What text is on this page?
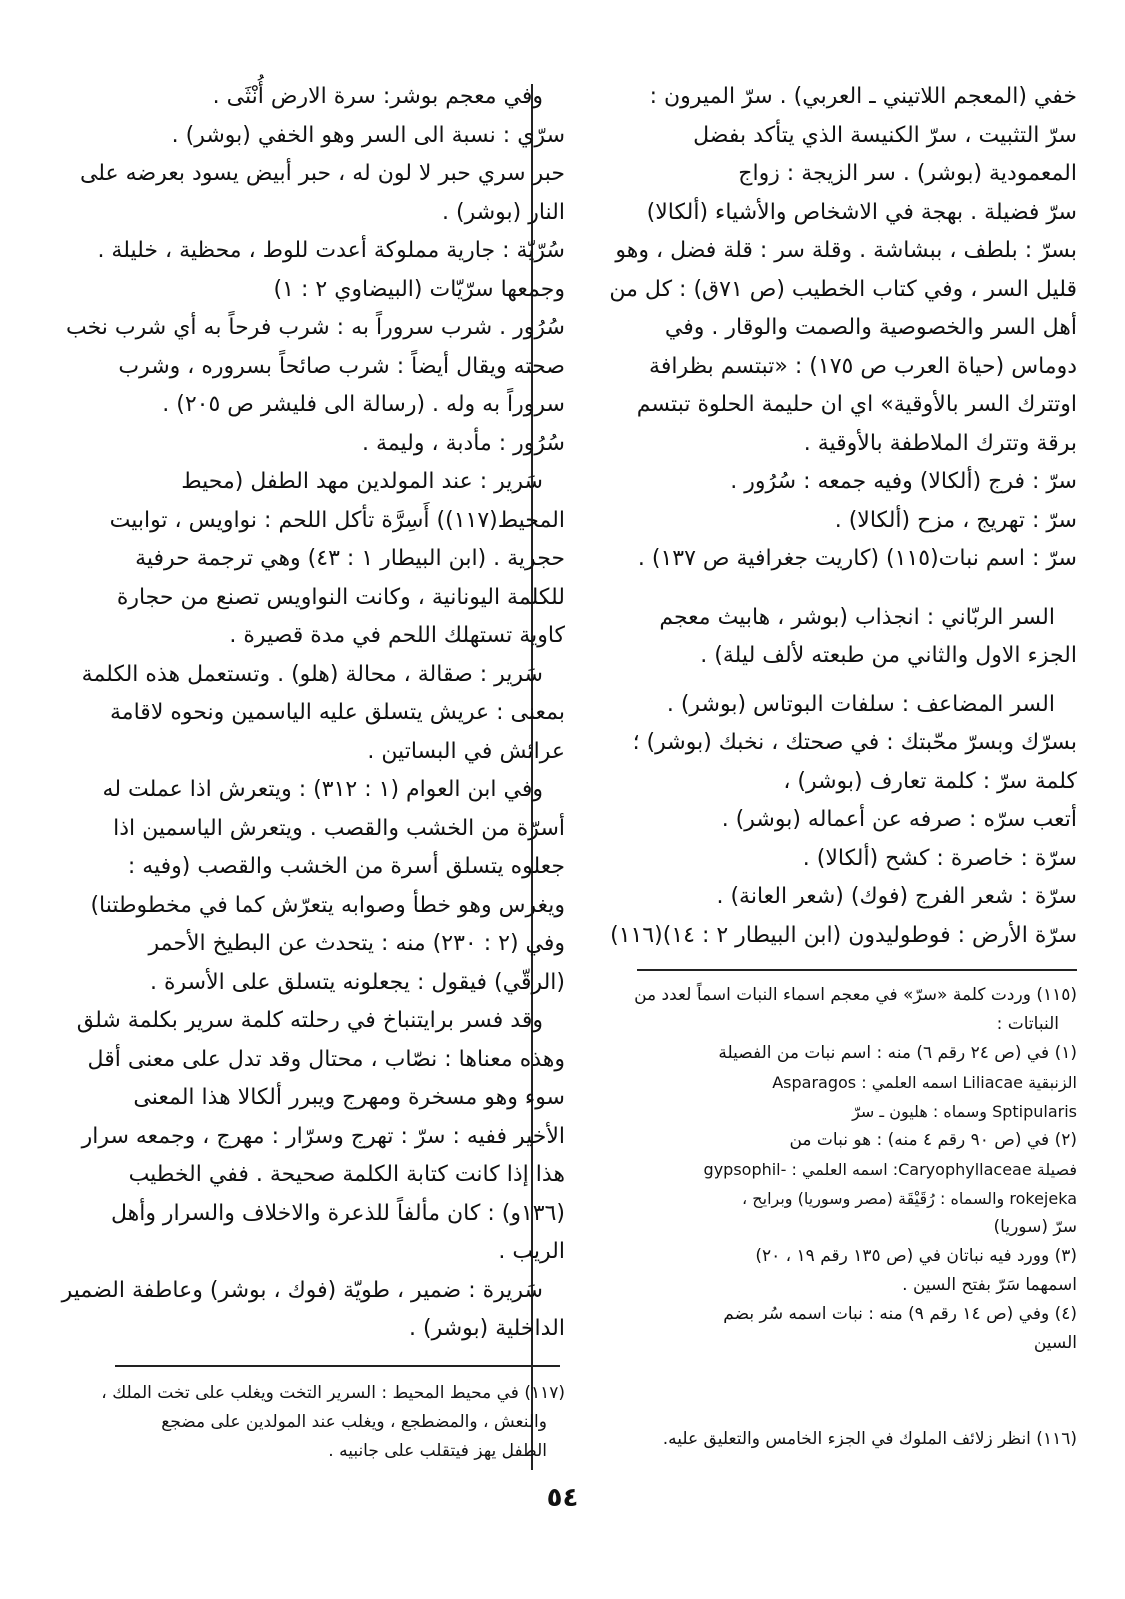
خفي (المعجم اللاتيني ـ العربي) . سرّ الميرون :
سرّ التثبيت ، سرّ الكنيسة الذي يتأكد بفضل
المعمودية (بوشر) . سر الزيجة : زواج
سرّ فضيلة . بهجة في الاشخاص والأشياء (ألكالا)
بسرّ : بلطف ، ببشاشة . وقلة سر : قلة فضل ، وهو
قليل السر ، وفي كتاب الخطيب (ص ٧١ق) : كل من
أهل السر والخصوصية والصمت والوقار . وفي
دوماس (حياة العرب ص ١٧٥) : «تبتسم بظرافة
اوتترك السر بالأوقية» اي ان حليمة الحلوة تبتسم
برقة وتترك الملاطفة بالأوقية .
سرّ : فرج (ألكالا) وفيه جمعه : سُرُور .
سرّ : تهريج ، مزح (ألكالا) .
سرّ : اسم نبات(١١٥) (كاريت جغرافية ص ١٣٧) .
السر الربّاني : انجذاب (بوشر ، هابيث معجم
الجزء الاول والثاني من طبعته لألف ليلة) .
السر المضاعف : سلفات البوتاس (بوشر) .
بسرّك وبسرّ محّبتك : في صحتك ، نخبك (بوشر) ؛
كلمة سرّ : كلمة تعارف (بوشر) ،
أتعب سرّه : صرفه عن أعماله (بوشر) .
سرّة : خاصرة : كشح (ألكالا) .
سرّة : شعر الفرج (فوك) (شعر العانة) .
سرّة الأرض : فوطوليدون (ابن البيطار ٢ : ١٤)(١١٦)
(١١٥) وردت كلمة «سرّ» في معجم اسماء النبات اسماً لعدد من
النباتات :
(١) في (ص ٢٤ رقم ٦) منه : اسم نبات من الفصيلة
الزنبقية Liliacae اسمه العلمي : Asparagos
Sptipularis وسماه : هليون ـ سرّ
(٢) في (ص ٩٠ رقم ٤ منه) : هو نبات من
فصيلة Caryophyllaceae: اسمه العلمي : -gypsophil
rokejeka والسماه : رُقَيْقَة (مصر وسوريا) وبرايح ،
سرّ (سوريا)
(٣) وورد فيه نباتان في (ص ١٣٥ رقم ١٩ ، ٢٠)
اسمهما سَرّ بفتح السين .
(٤) وفي (ص ١٤ رقم ٩) منه : نبات اسمه سُر بضم
السين
(١١٦) انظر زلائف الملوك في الجزء الخامس والتعليق عليه.
وفي معجم بوشر: سرة الارض أُنْثَى .
سرّي : نسبة الى السر وهو الخفي (بوشر) .
حبر سري حبر لا لون له ، حبر أبيض يسود بعرضه على
النار (بوشر) .
سُرّيّة : جارية مملوكة أعدت للوط ، محظية ، خليلة .
وجمعها سرّيّات (البيضاوي ٢ : ١)
سُرُور . شرب سروراً به : شرب فرحاً به أي شرب نخب
صحته ويقال أيضاً : شرب صائحاً بسروره ، وشرب
سروراً به وله . (رسالة الى فليشر ص ٢٠٥) .
سُرُور : مأدبة ، وليمة .
سَرير : عند المولدين مهد الطفل (محيط
المحيط(١١٧)) أَسِرَّة تأكل اللحم : نواويس ، توابيت
حجرية . (ابن البيطار ١ : ٤٣) وهي ترجمة حرفية
للكلمة اليونانية ، وكانت النواويس تصنع من حجارة
كاوية تستهلك اللحم في مدة قصيرة .
سَرير : صقالة ، محالة (هلو) . وتستعمل هذه الكلمة
بمعنى : عريش يتسلق عليه الياسمين ونحوه لاقامة
عرائش في البساتين .
وفي ابن العوام (١ : ٣١٢) : ويتعرش اذا عملت له
أسرّة من الخشب والقصب . ويتعرش الياسمين اذا
جعلوه يتسلق أسرة من الخشب والقصب (وفيه :
ويغرس وهو خطأ وصوابه يتعرّش كما في مخطوطتنا)
وفي (٢ : ٢٣٠) منه : يتحدث عن البطيخ الأحمر
(الرقّي) فيقول : يجعلونه يتسلق على الأسرة .
وقد فسر برايتنباخ في رحلته كلمة سرير بكلمة شلق
وهذه معناها : نصّاب ، محتال وقد تدل على معنى أقل
سوء وهو مسخرة ومهرج ويبرر ألكالا هذا المعنى
الأخير ففيه : سرّ : تهرج وسرّار : مهرج ، وجمعه سرار
هذا إذا كانت كتابة الكلمة صحيحة . ففي الخطيب
(١٣٦و) : كان مألفاً للذعرة والاخلاف والسرار وأهل
الريب .
سَريرة : ضمير ، طويّة (فوك ، بوشر) وعاطفة الضمير
الداخلية (بوشر) .
(١١٧) في محيط المحيط : السرير التخت ويغلب على تخت الملك ،
والنعش ، والمضطجع ، ويغلب عند المولدين على مضجع
الطفل يهز فيتقلب على جانبيه .
٥٤
